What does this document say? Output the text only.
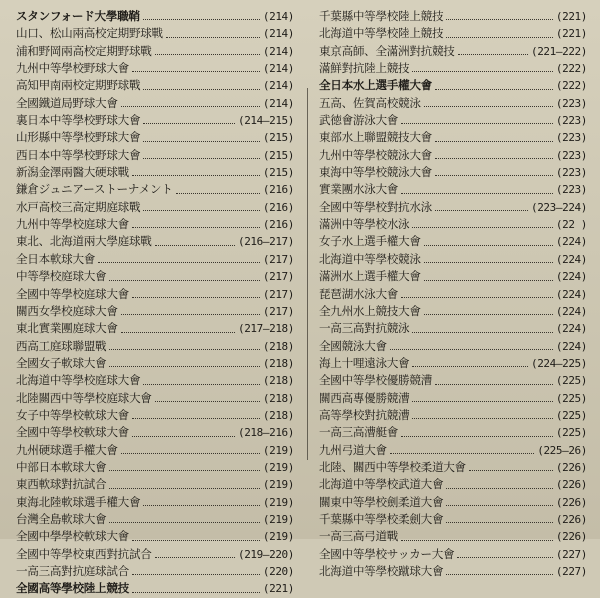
スタンフォード大學職鞘	(214)
山口、松山兩高校定期野球戰	(214)
浦和野岡兩高校定期野球戰	(214)
九州中等學校野球大會	(214)
高知甲南兩校定期野球戰	(214)
全國鐵道局野球大會	(214)
裏日本中等學校野球大會	(214—215)
山形縣中等學校野球大會	(215)
西日本中等學校野球大會	(215)
新潟金澤兩醫大硬球戰	(215)
鎌倉ジュニアーストーナメント	(216)
水戸高校三高定期庭球戰	(216)
九州中等學校庭球大會	(216)
東北、北海道兩大學庭球戰	(216—217)
全日本軟球大會	(217)
中等學校庭球大會	(217)
全國中等學校庭球大會	(217)
關西女學校庭球大會	(217)
東北實業團庭球大會	(217—218)
西高工庭球聯盟戰	(218)
全國女子軟球大會	(218)
北海道中等學校庭球大會	(218)
北陸關西中等學校庭球大會	(218)
女子中等學校軟球大會	(218)
全國中等學校軟球大會	(218—216)
九州硬球選手權大會	(219)
中部日本軟球大會	(219)
東西軟球對抗試合	(219)
東海北陸軟球選手權大會	(219)
台灣全島軟球大會	(219)
全國中學學校軟球大會	(219)
全國中等學校東西對抗試合	(219—220)
一高三高對抗庭球試合	(220)
全國高等學校陸上競技	(221)
千葉縣中等學校陸上競技	(221)
北海道中等學校陸上競技	(221)
東京高師、全滿洲對抗競技	(221—222)
滿鮮對抗陸上競技	(222)
全日本水上選手權大會	(222)
五高、佐賀高校競泳	(223)
武徳會游泳大會	(223)
東部水上聯盟競技大會	(223)
九州中等學校競泳大會	(223)
東海中等學校競泳大會	(223)
實業團水泳大會	(223)
全國中等學校對抗水泳	(223—224)
滿洲中等學校水泳	(22 )
女子水上選手權大會	(224)
北海道中等學校競泳	(224)
滿洲水上選手權大會	(224)
琵琶湖水泳大會	(224)
全九州水上競技大會	(224)
一高三高對抗競泳	(224)
全國競泳大會	(224)
海上十哩遠泳大會	(224—225)
全國中等學校優勝競漕	(225)
關西高專優勝競漕	(225)
高等學校對抗競漕	(225)
一高三高漕艇會	(225)
九州弓道大會	(225—26)
北陸、關西中等學校柔道大會	(226)
北海道中等學校武道大會	(226)
關東中等學校劍柔道大會	(226)
千葉縣中等學校柔劍大會	(226)
一高三高弓道戰	(226)
全國中等學校サッカー大會	(227)
北海道中等學校蹴球大會	(227)
